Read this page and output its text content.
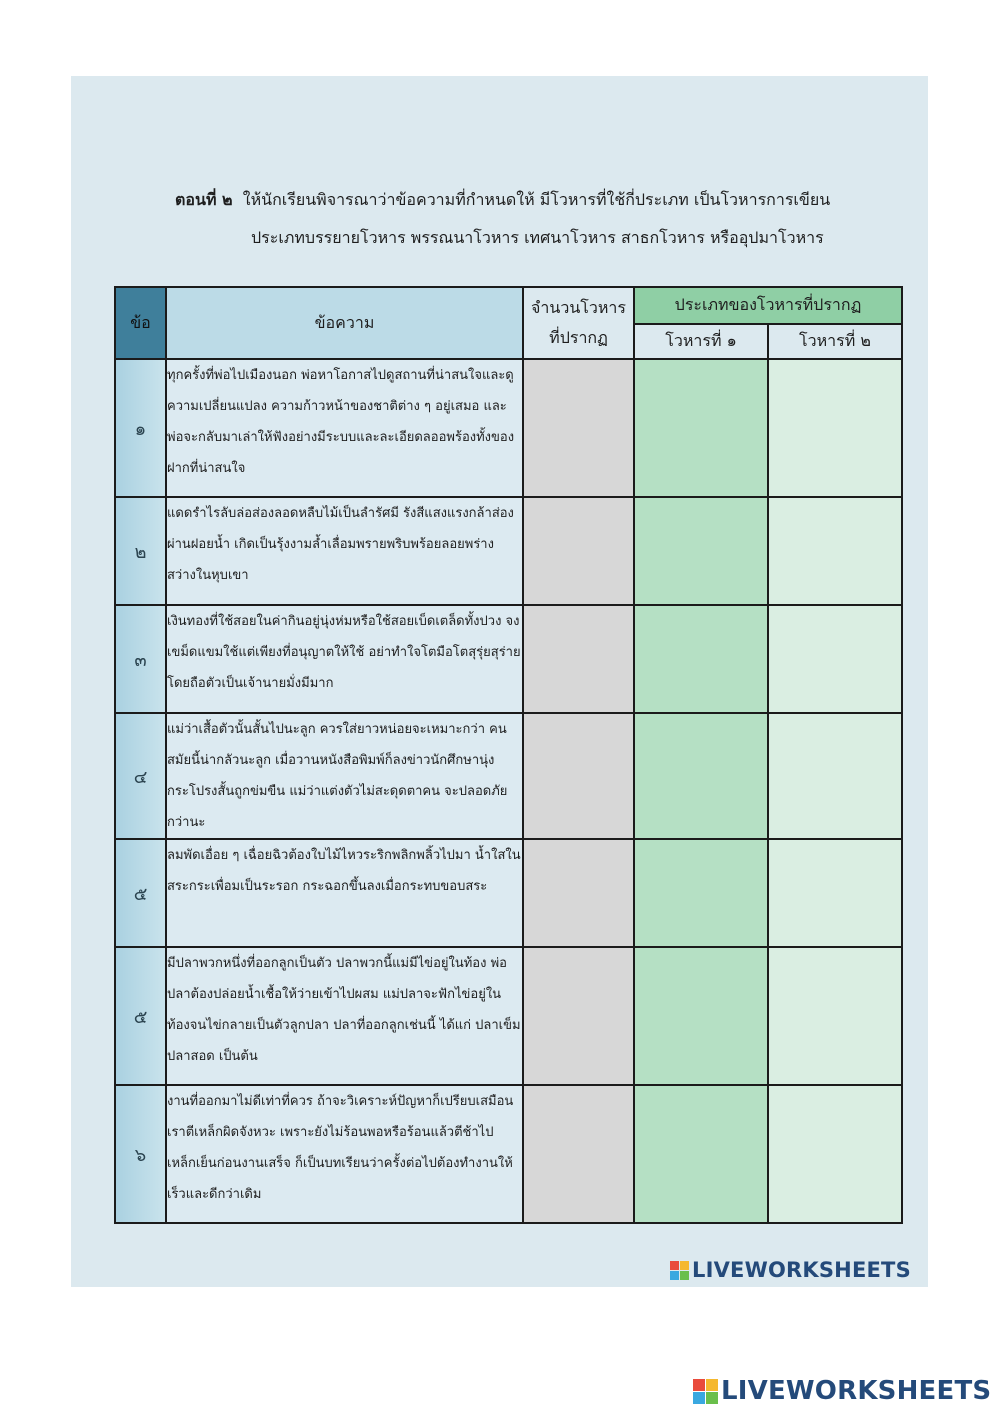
ตอนที่ ๒ ให้นักเรียนพิจารณาว่าข้อความที่กำหนดให้ มีโวหารที่ใช้กี่ประเภท เป็นโวหารการเขียน
ประเภทบรรยายโวหาร พรรณนาโวหาร เทศนาโวหาร สาธกโวหาร หรืออุปมาโวหาร
ข้อ	ข้อความ	จำนวนโวหาร
ที่ปรากฏ	ประเภทของโวหารที่ปรากฏ	
			โวหารที่ ๑	โวหารที่ ๒
๑	ทุกครั้งที่พ่อไปเมืองนอก พ่อหาโอกาสไปดูสถานที่น่าสนใจและดูความเปลี่ยนแปลง ความก้าวหน้าของชาติต่าง ๆ อยู่เสมอ และพ่อจะกลับมาเล่าให้ฟังอย่างมีระบบและละเอียดลออพร้องทั้งของฝากที่น่าสนใจ			
๒	แดดรำไรลับล่อส่องลอดหลืบไม้เป็นลำรัศมี รังสีแสงแรงกล้าส่องผ่านฝอยน้ำ เกิดเป็นรุ้งงามล้ำเลื่อมพรายพริบพร้อยลอยพร่างสว่างในหุบเขา			
๓	เงินทองที่ใช้สอยในค่ากินอยู่นุ่งห่มหรือใช้สอยเบ็ดเตล็ดทั้งปวง จงเขม็ดแขมใช้แต่เพียงที่อนุญาตให้ใช้ อย่าทำใจโตมือโตสุรุ่ยสุร่ายโดยถือตัวเป็นเจ้านายมั่งมีมาก			
๔	แม่ว่าเสื้อตัวนั้นสั้นไปนะลูก ควรใส่ยาวหน่อยจะเหมาะกว่า คนสมัยนี้น่ากลัวนะลูก เมื่อวานหนังสือพิมพ์ก็ลงข่าวนักศึกษานุ่งกระโปรงสั้นถูกข่มขืน แม่ว่าแต่งตัวไม่สะดุดตาคน จะปลอดภัยกว่านะ			
๕	ลมพัดเอื่อย ๆ เฉื่อยฉิวต้องใบไม้ไหวระริกพลิกพลิ้วไปมา น้ำใสในสระกระเพื่อมเป็นระรอก กระฉอกขึ้นลงเมื่อกระทบขอบสระ			
๕	มีปลาพวกหนึ่งที่ออกลูกเป็นตัว ปลาพวกนี้แม่มีไข่อยู่ในท้อง พ่อปลาต้องปล่อยน้ำเชื้อให้ว่ายเข้าไปผสม แม่ปลาจะฟักไข่อยู่ในท้องจนไข่กลายเป็นตัวลูกปลา ปลาที่ออกลูกเช่นนี้ ได้แก่ ปลาเข็ม ปลาสอด เป็นต้น			
๖	งานที่ออกมาไม่ดีเท่าที่ควร ถ้าจะวิเคราะห์ปัญหาก็เปรียบเสมือนเราตีเหล็กผิดจังหวะ เพราะยังไม่ร้อนพอหรือร้อนแล้วตีช้าไป เหล็กเย็นก่อนงานเสร็จ ก็เป็นบทเรียนว่าครั้งต่อไปต้องทำงานให้เร็วและดีกว่าเดิม			
LIVEWORKSHEETS
LIVEWORKSHEETS
